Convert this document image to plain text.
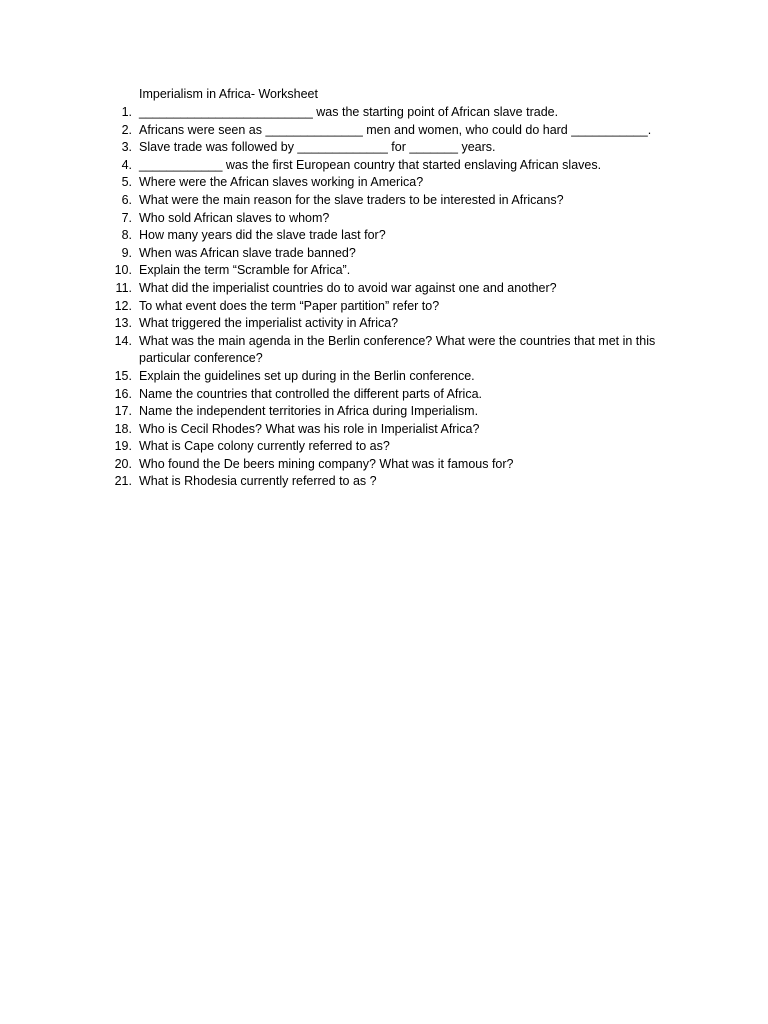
Imperialism in Africa- Worksheet
1. _________________________ was the starting point of African slave trade.
2. Africans were seen as ______________ men and women, who could do hard ___________.
3. Slave trade was followed by _____________ for _______ years.
4. ____________ was the first European country that started enslaving African slaves.
5. Where were the African slaves working in America?
6. What were the main reason for the slave traders to be interested in Africans?
7. Who sold African slaves to whom?
8. How many years did the slave trade last for?
9. When was African slave trade banned?
10. Explain the term “Scramble for Africa”.
11. What did the imperialist countries do to avoid war against one and another?
12. To what event does the term “Paper partition” refer to?
13. What triggered the imperialist activity in Africa?
14. What was the main agenda in the Berlin conference? What were the countries that met in this particular conference?
15. Explain the guidelines set up during in the Berlin conference.
16. Name the countries that controlled the different parts of Africa.
17. Name the independent territories in Africa during Imperialism.
18. Who is Cecil Rhodes? What was his role in Imperialist Africa?
19. What is Cape colony currently referred to as?
20. Who found the De beers mining company? What was it famous for?
21. What is Rhodesia currently referred to as ?
